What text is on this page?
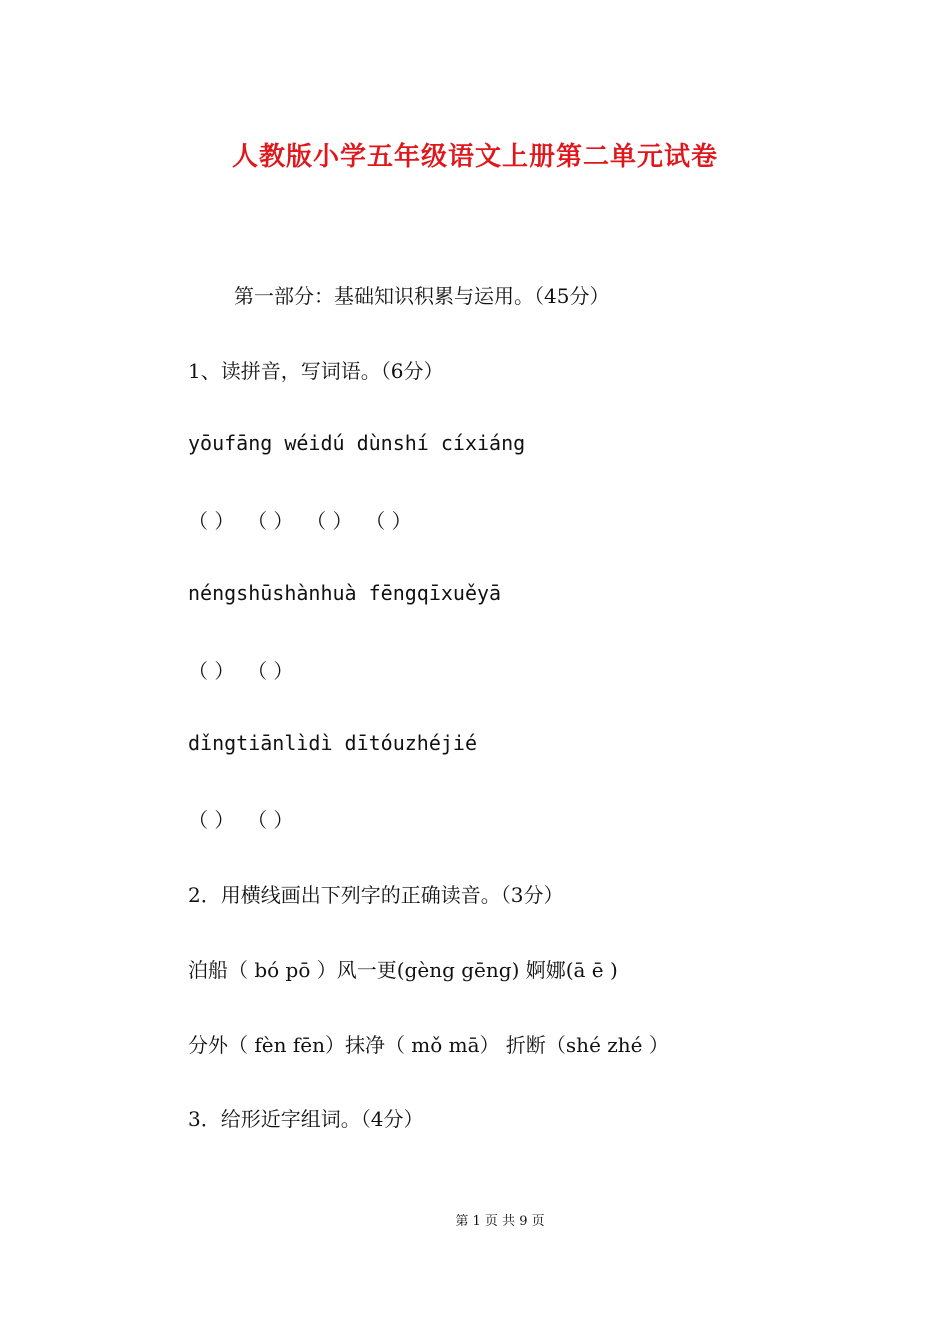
人教版小学五年级语文上册第二单元试卷
第一部分：基础知识积累与运用。（45分）
1、读拼音，写词语。（6分）
yōufāng wéidú dùnshí cíxiáng
（ ）  （ ）  （ ）  （ ）
néngshūshànhuà fēngqīxuěyā
（ ）  （ ）
dǐngtiānlìdì dītóuzhéjié
（ ）  （ ）
2．用横线画出下列字的正确读音。（3分）
泊船（ bó pō ）风一更(gèng gēng) 婀娜(ā ē )
分外（ fèn fēn）抹净（ mǒ mā） 折断（shé zhé ）
3．给形近字组词。（4分）
第 1 页 共 9 页
